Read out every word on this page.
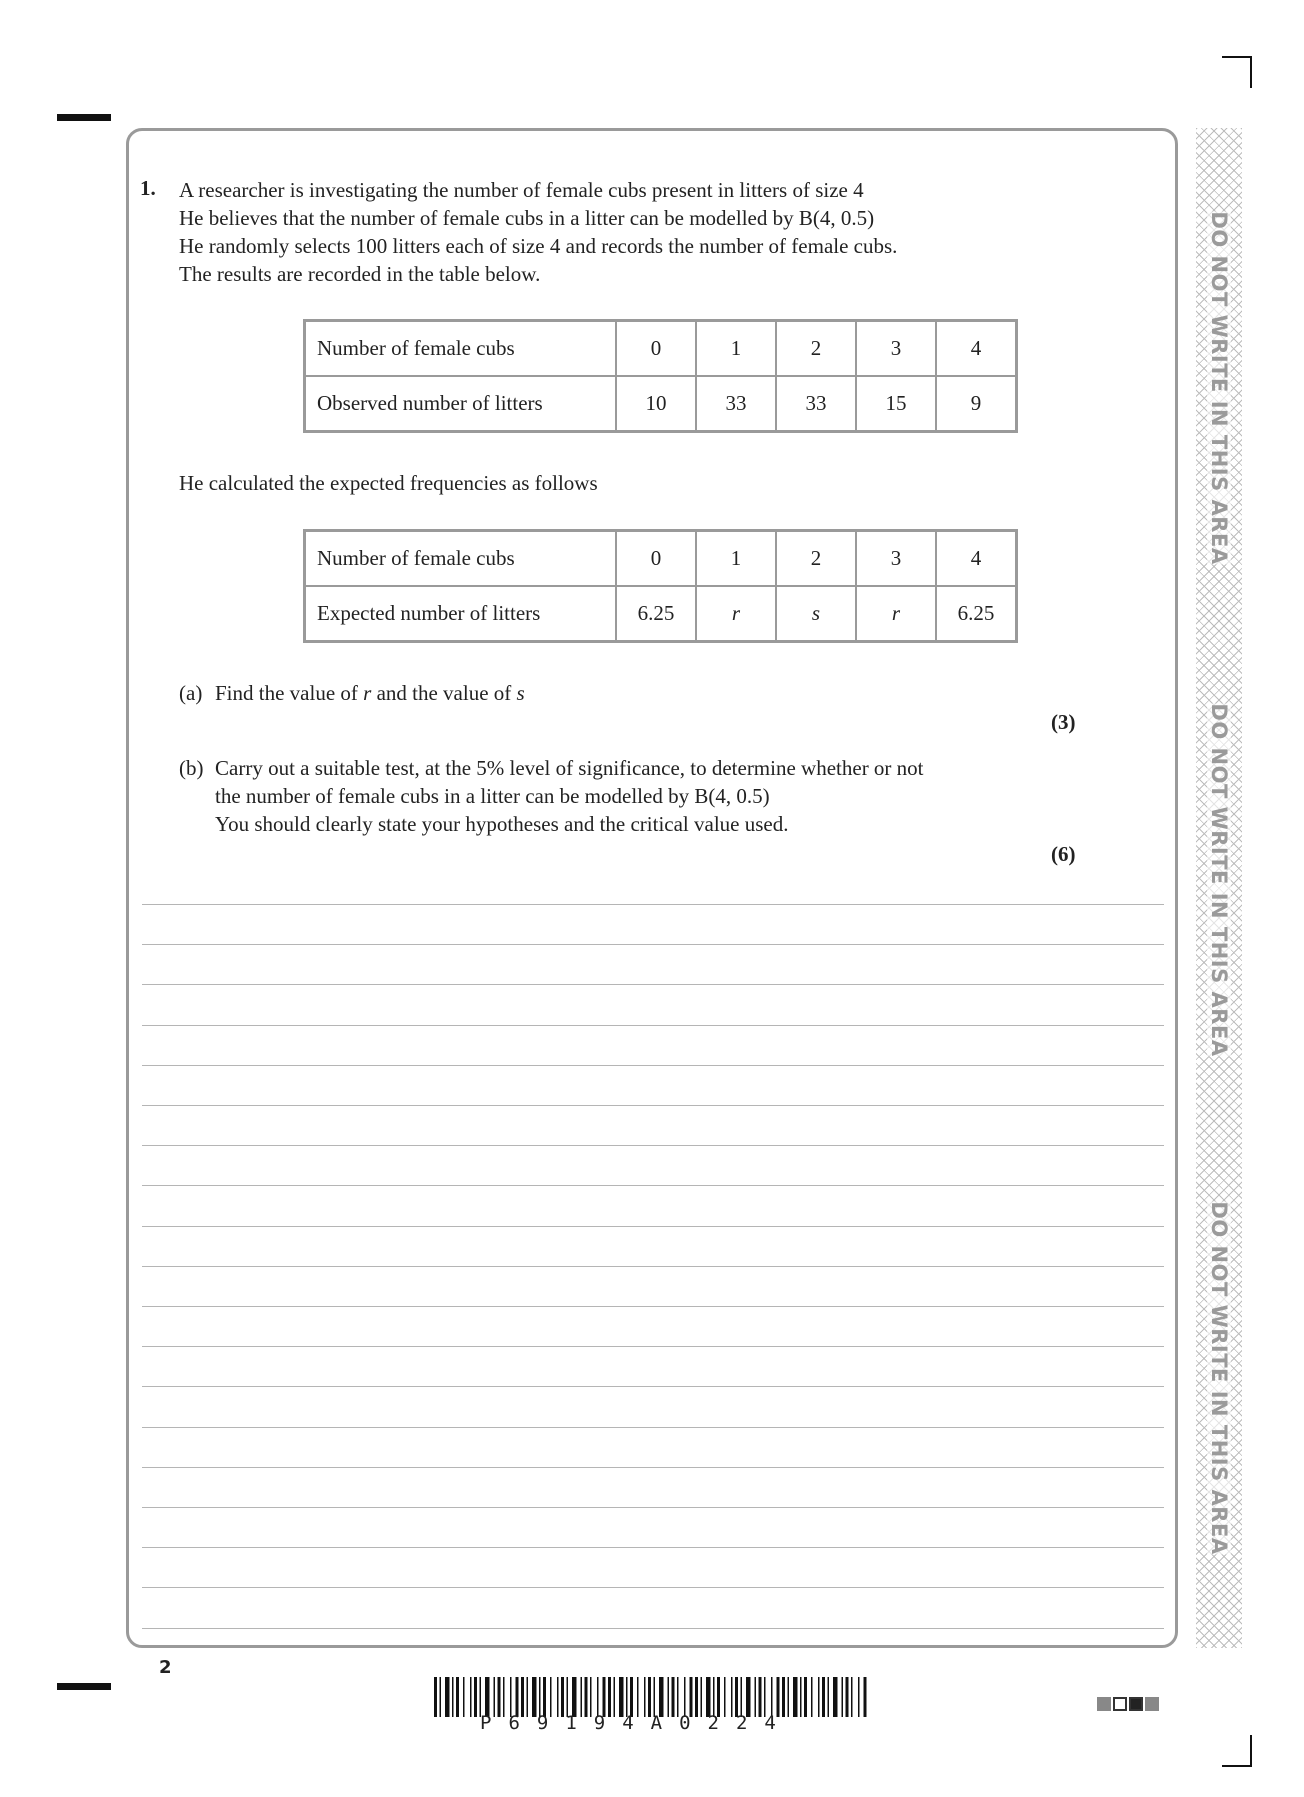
DO NOT WRITE IN THIS AREA
DO NOT WRITE IN THIS AREA
DO NOT WRITE IN THIS AREA
1. A researcher is investigating the number of female cubs present in litters of size 4
He believes that the number of female cubs in a litter can be modelled by B(4, 0.5)
He randomly selects 100 litters each of size 4 and records the number of female cubs.
The results are recorded in the table below.
Number of female cubs	0	1	2	3	4
Observed number of litters	10	33	33	15	9
He calculated the expected frequencies as follows
Number of female cubs	0	1	2	3	4
Expected number of litters	6.25	r	s	r	6.25
(a) Find the value of r and the value of s
(3)
(b) Carry out a suitable test, at the 5% level of significance, to determine whether or not
the number of female cubs in a litter can be modelled by B(4, 0.5)
You should clearly state your hypotheses and the critical value used.
(6)
2
P69194A0224
